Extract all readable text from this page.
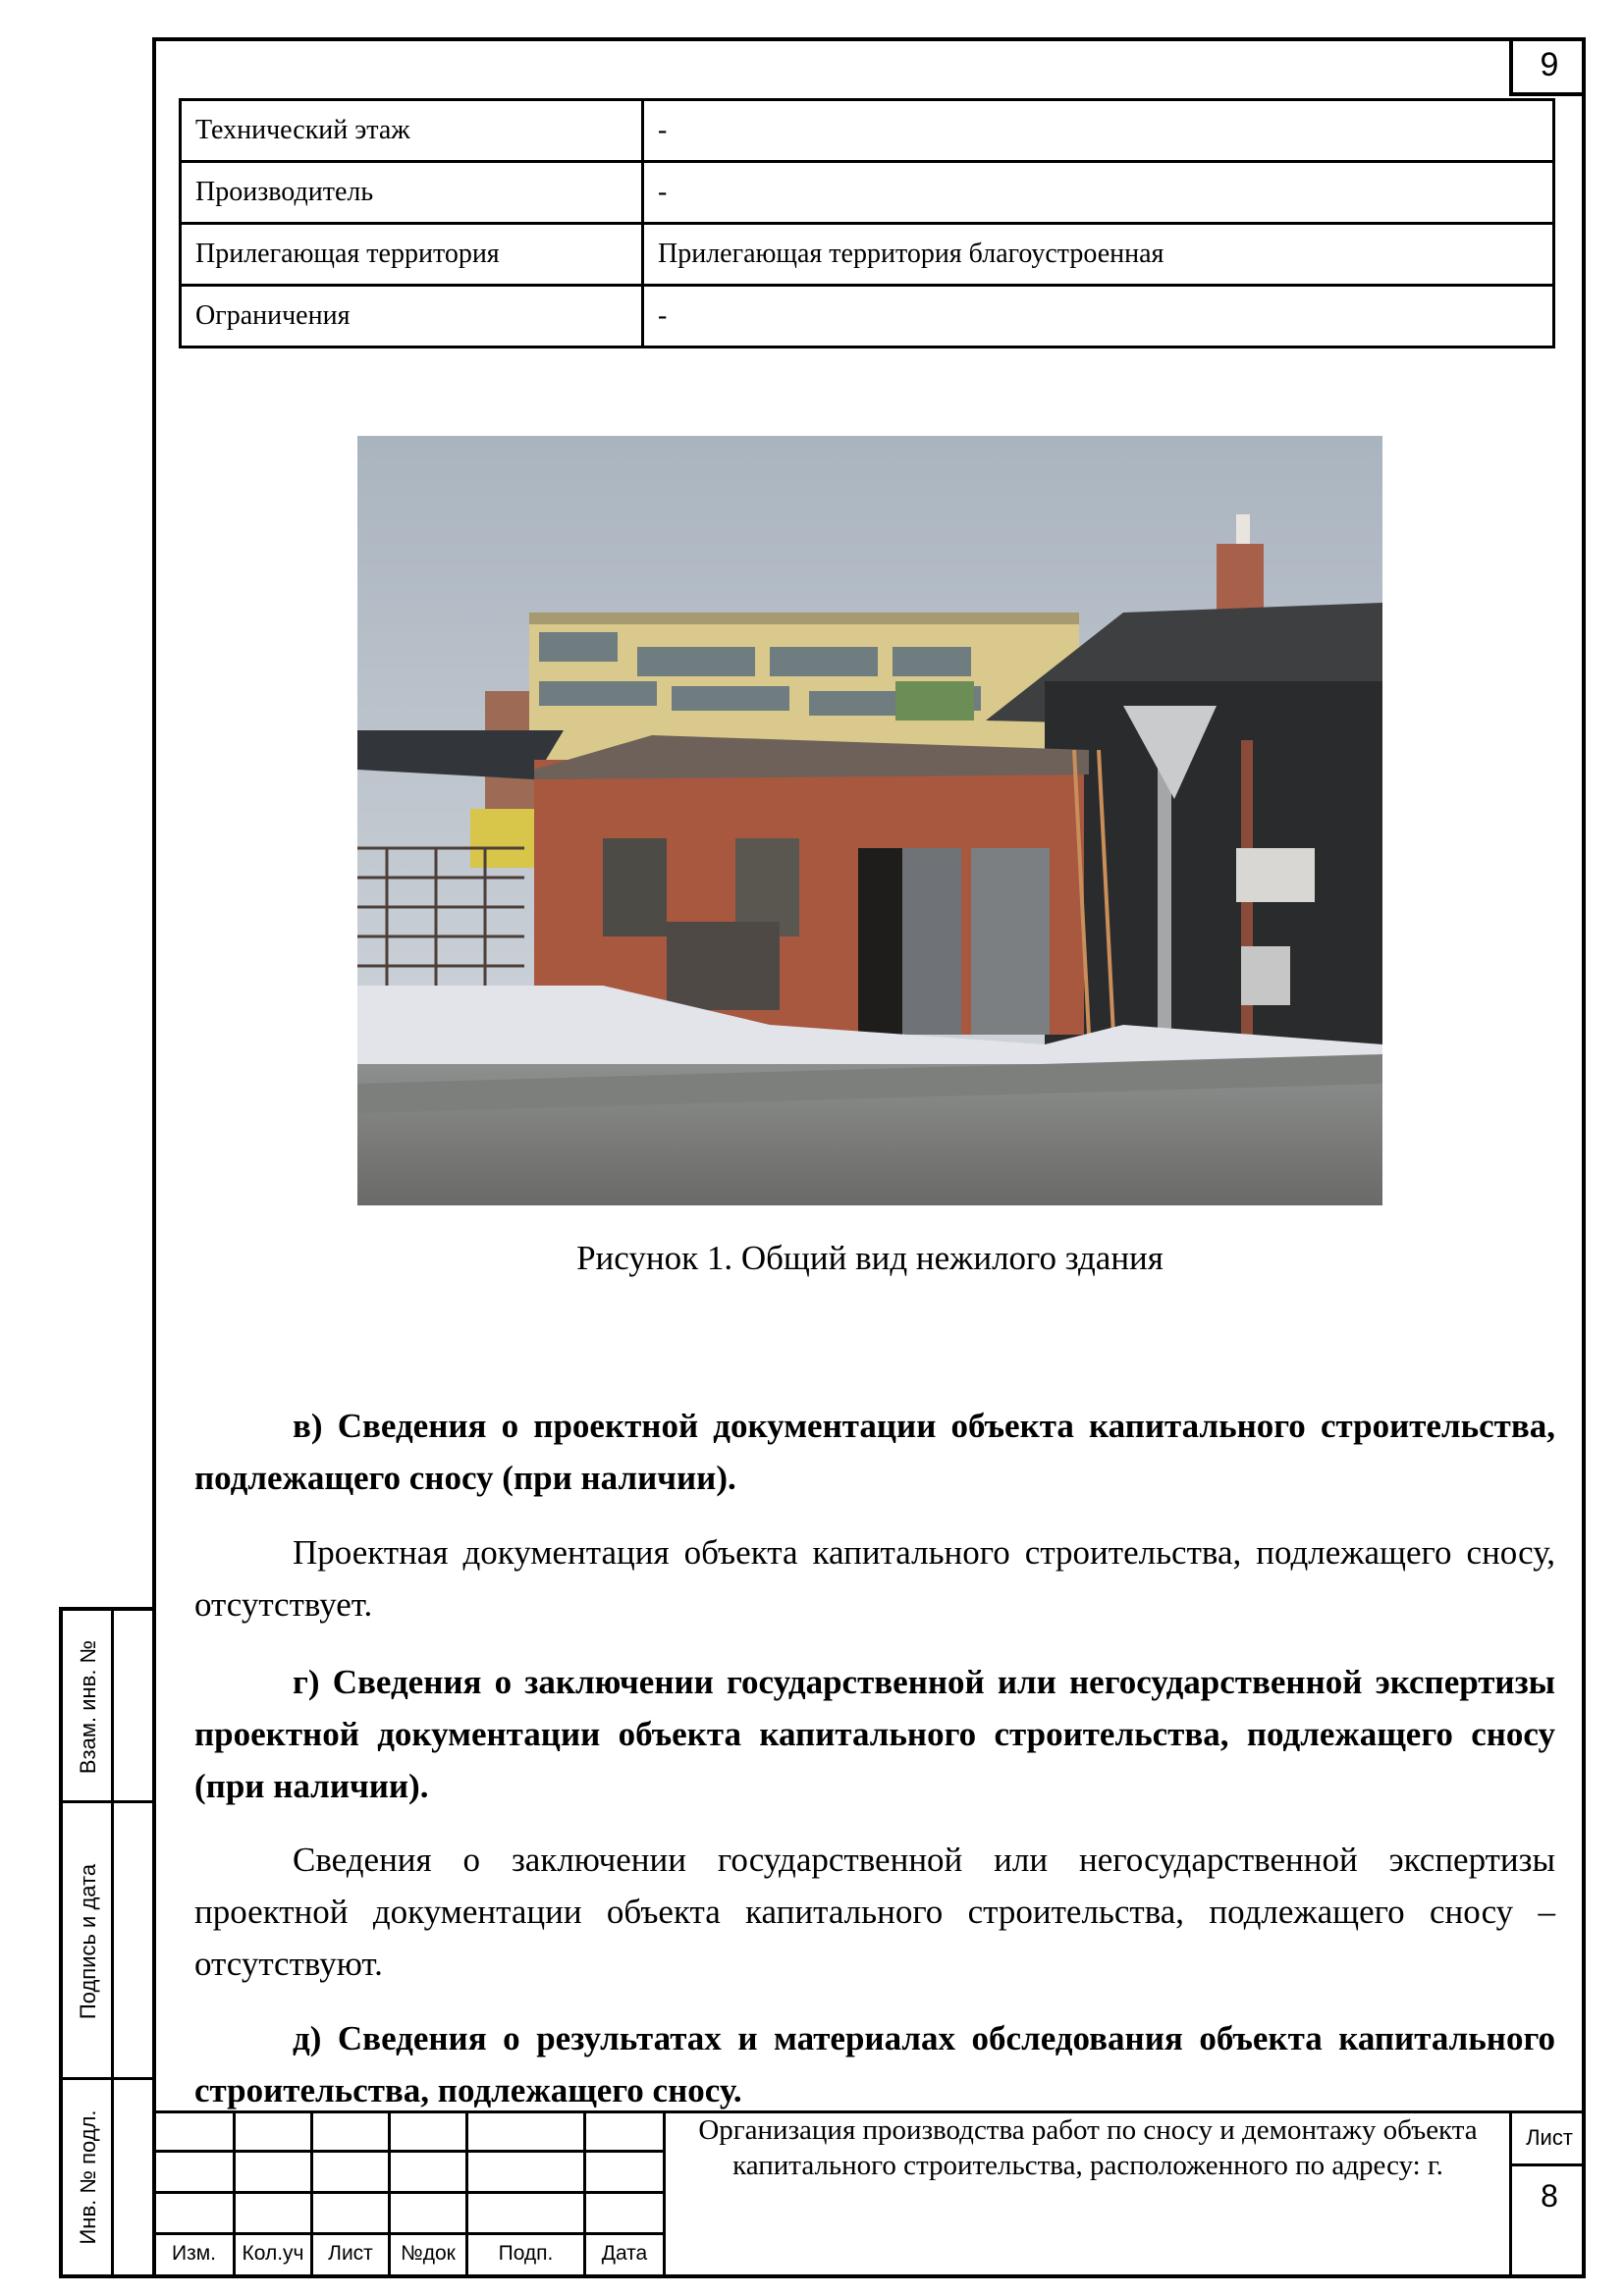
9
Технический этаж	-
Производитель	-
Прилегающая территория	Прилегающая территория благоустроенная
Ограничения	-
Рисунок 1. Общий вид нежилого здания
в) Сведения о проектной документации объекта капитального строительства, подлежащего сносу (при наличии).
Проектная документация объекта капитального строительства, подлежащего сносу, отсутствует.
г) Сведения о заключении государственной или негосударственной экспертизы проектной документации объекта капитального строительства, подлежащего сносу (при наличии).
Сведения о заключении государственной или негосударственной экспертизы проектной документации объекта капитального строительства, подлежащего сносу – отсутствуют.
д) Сведения о результатах и материалах обследования объекта капитального строительства, подлежащего сносу.
Взам. инв. №
Подпись и дата
Инв. № подл.
Изм.	Кол.уч	Лист	№док	Подп.	Дата
Организация производства работ по сносу и демонтажу объекта капитального строительства, расположенного по адресу: г.
Лист
8
